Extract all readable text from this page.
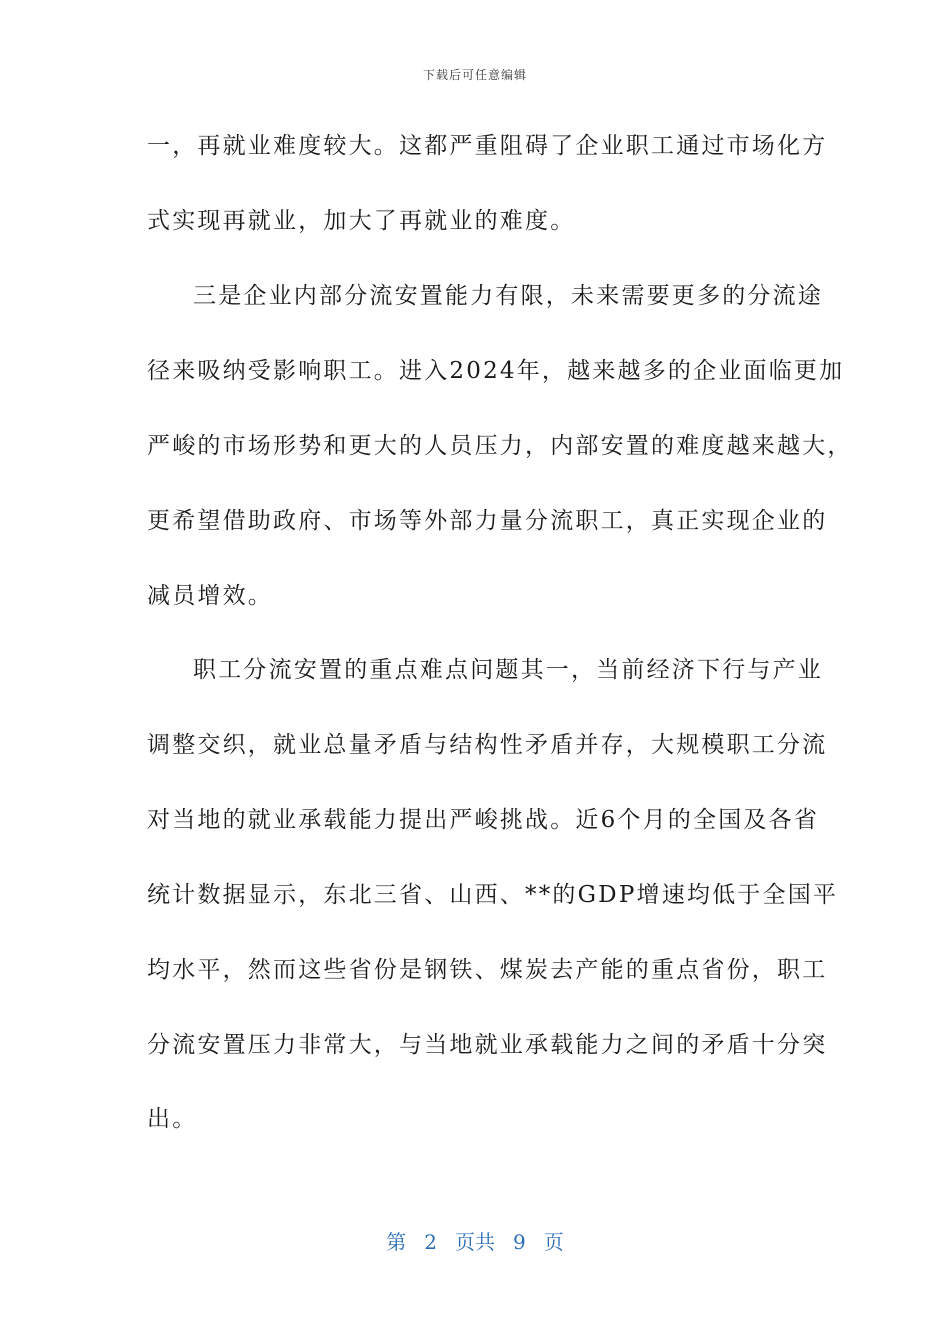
下载后可任意编辑
一，再就业难度较大。这都严重阻碍了企业职工通过市场化方
式实现再就业，加大了再就业的难度。
三是企业内部分流安置能力有限，未来需要更多的分流途
径来吸纳受影响职工。进入2024年，越来越多的企业面临更加
严峻的市场形势和更大的人员压力，内部安置的难度越来越大，
更希望借助政府、市场等外部力量分流职工，真正实现企业的
减员增效。
职工分流安置的重点难点问题其一，当前经济下行与产业
调整交织，就业总量矛盾与结构性矛盾并存，大规模职工分流
对当地的就业承载能力提出严峻挑战。近6个月的全国及各省
统计数据显示，东北三省、山西、**的GDP增速均低于全国平
均水平，然而这些省份是钢铁、煤炭去产能的重点省份，职工
分流安置压力非常大，与当地就业承载能力之间的矛盾十分突
出。
第 2 页共 9 页
